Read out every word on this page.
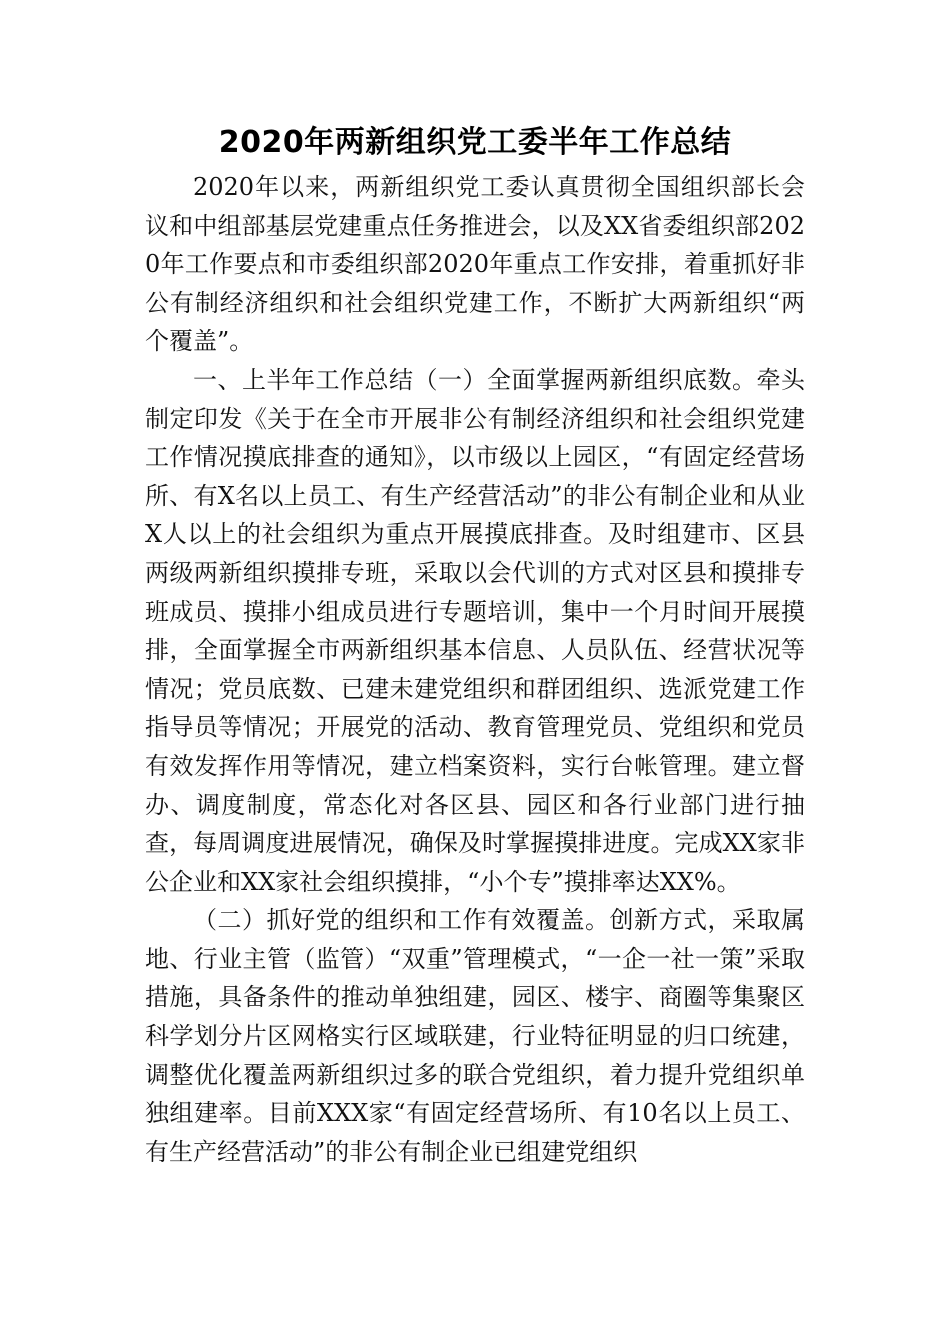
2020年两新组织党工委半年工作总结

2020年以来，两新组织党工委认真贯彻全国组织部长会议和中组部基层党建重点任务推进会，以及XX省委组织部2020年工作要点和市委组织部2020年重点工作安排，着重抓好非公有制经济组织和社会组织党建工作，不断扩大两新组织“两个覆盖”。

一、上半年工作总结（一）全面掌握两新组织底数。牵头制定印发《关于在全市开展非公有制经济组织和社会组织党建工作情况摸底排查的通知》，以市级以上园区，“有固定经营场所、有X名以上员工、有生产经营活动”的非公有制企业和从业X人以上的社会组织为重点开展摸底排查。及时组建市、区县两级两新组织摸排专班，采取以会代训的方式对区县和摸排专班成员、摸排小组成员进行专题培训，集中一个月时间开展摸排，全面掌握全市两新组织基本信息、人员队伍、经营状况等情况；党员底数、已建未建党组织和群团组织、选派党建工作指导员等情况；开展党的活动、教育管理党员、党组织和党员有效发挥作用等情况，建立档案资料，实行台帐管理。建立督办、调度制度，常态化对各区县、园区和各行业部门进行抽查，每周调度进展情况，确保及时掌握摸排进度。完成XX家非公企业和XX家社会组织摸排，“小个专”摸排率达XX%。

（二）抓好党的组织和工作有效覆盖。创新方式，采取属地、行业主管（监管）“双重”管理模式，“一企一社一策”采取措施，具备条件的推动单独组建，园区、楼宇、商圈等集聚区科学划分片区网格实行区域联建，行业特征明显的归口统建，调整优化覆盖两新组织过多的联合党组织，着力提升党组织单独组建率。目前XXX家“有固定经营场所、有10名以上员工、有生产经营活动”的非公有制企业已组建党组织
